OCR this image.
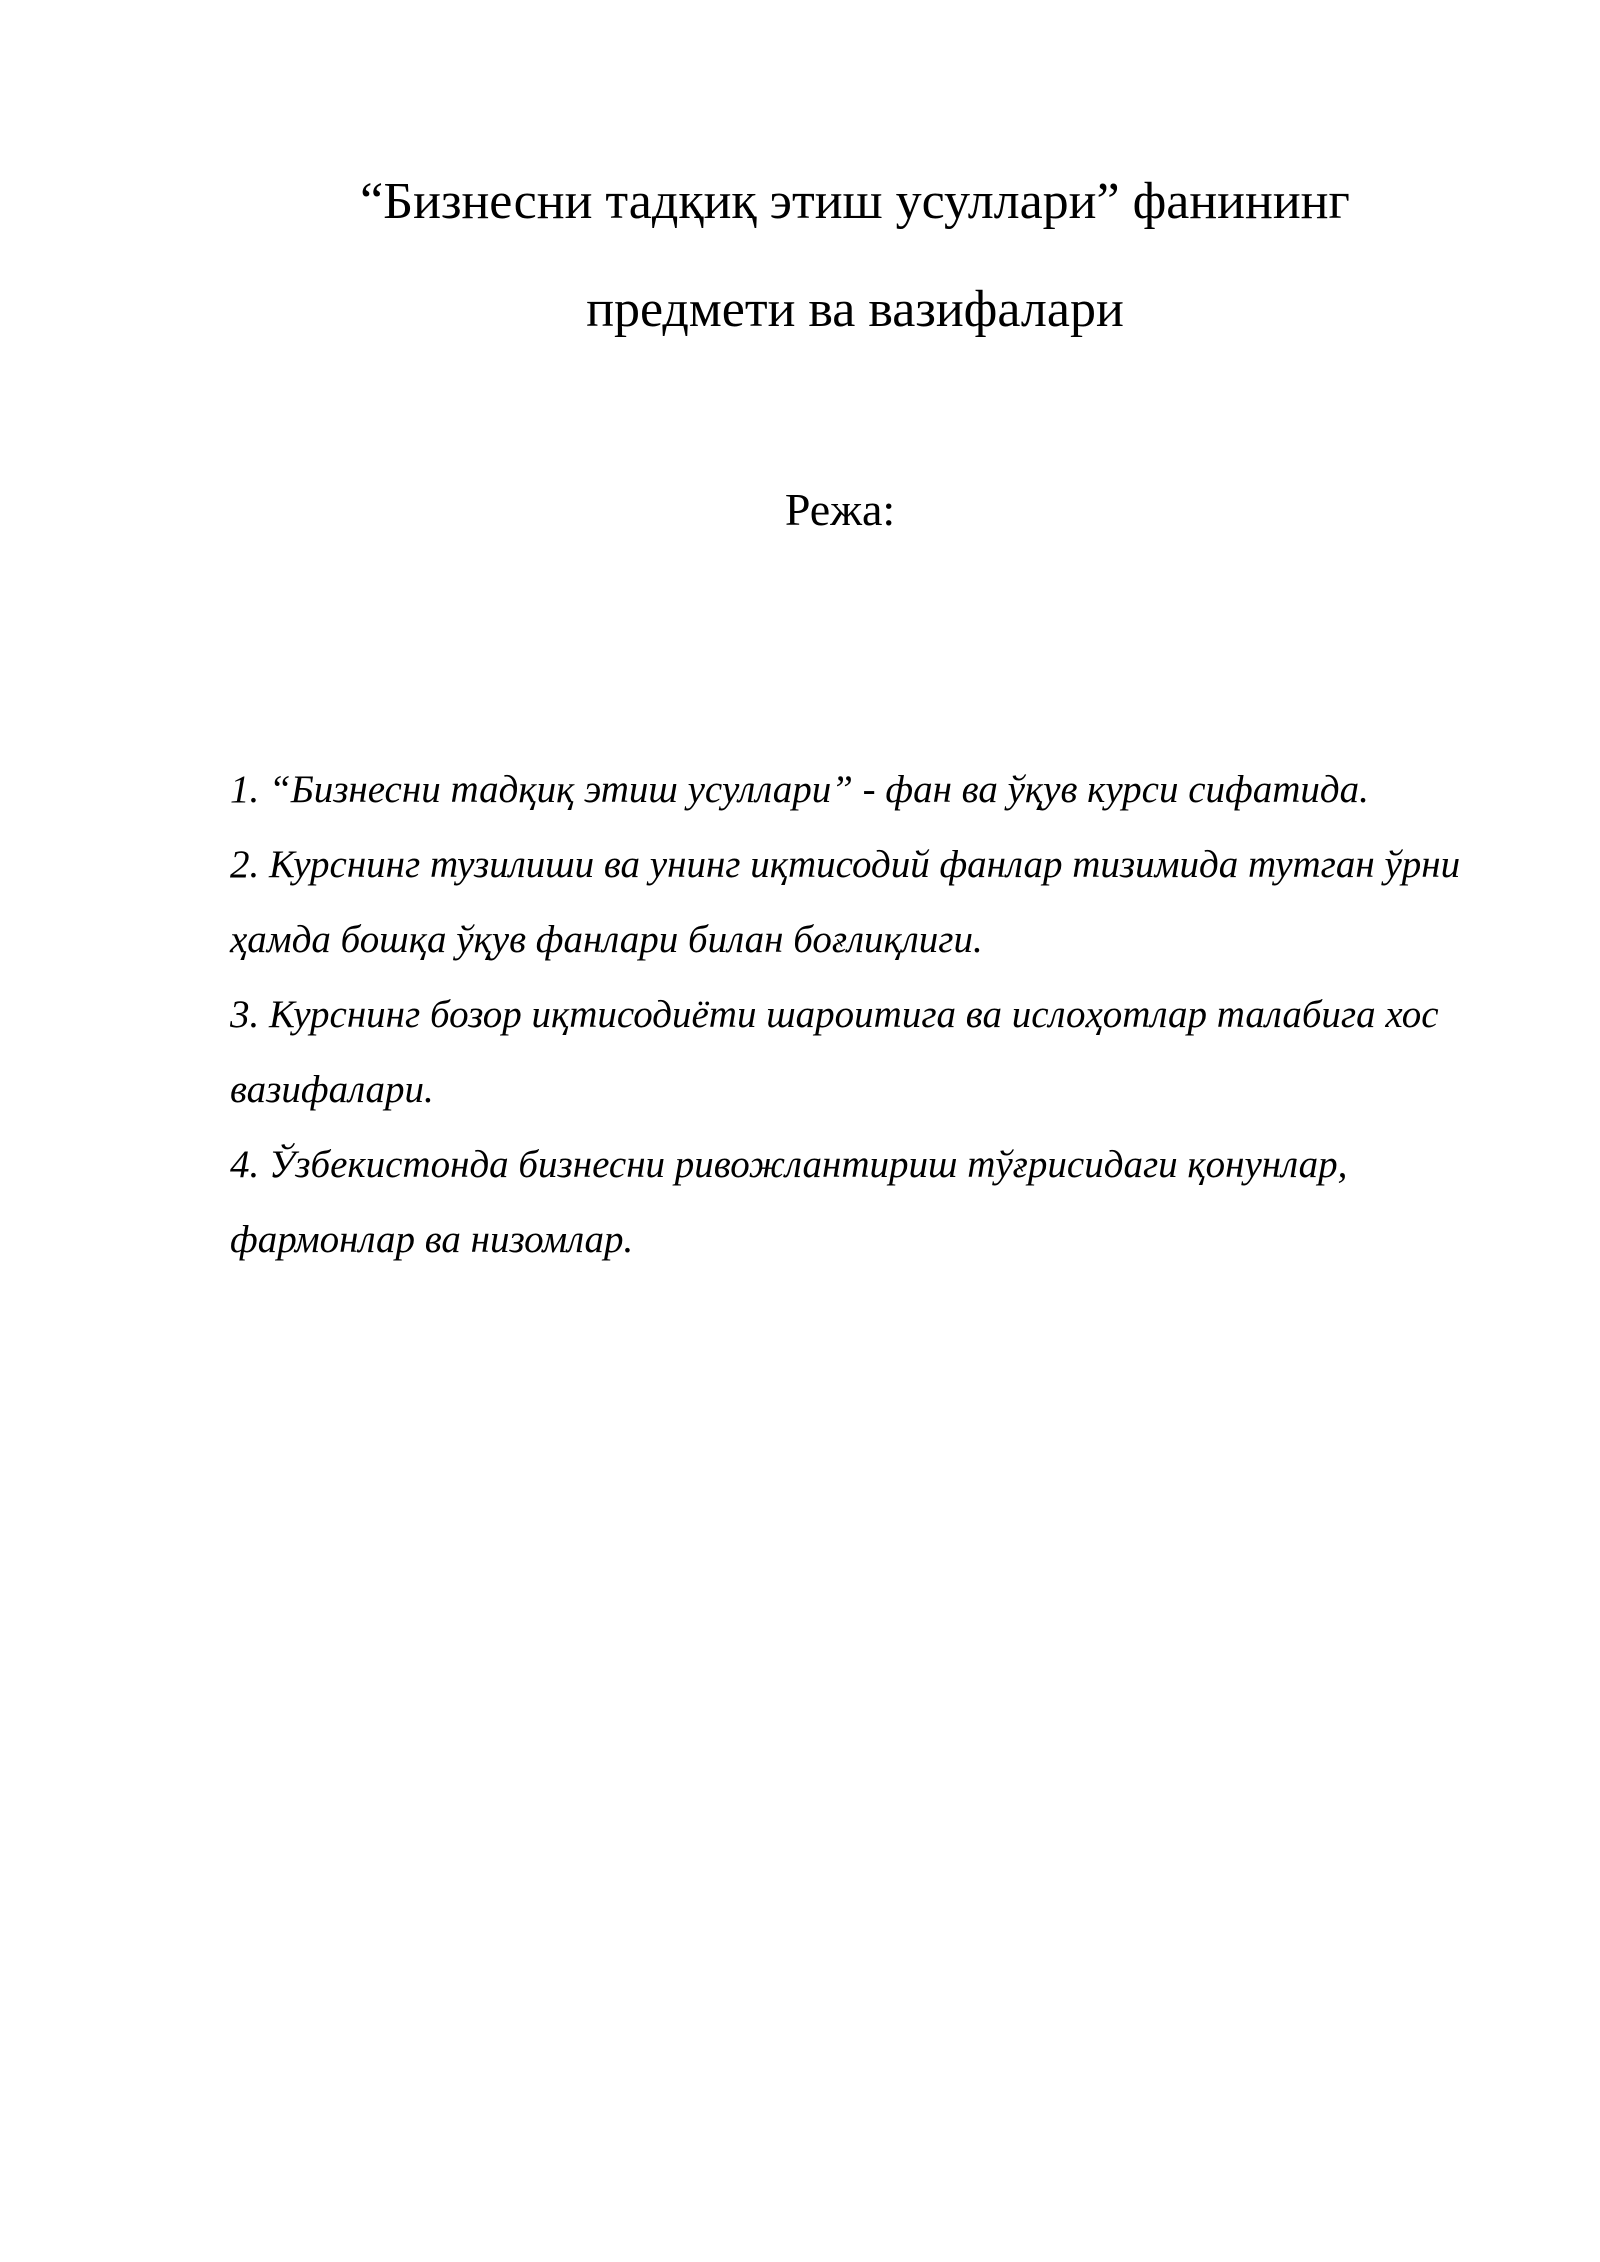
“Бизнесни тадқиқ этиш усуллари” фанининг
предмети ва вазифалари
Режа:
1. “Бизнесни тадқиқ этиш усуллари” - фан ва ўқув курси сифатида.
2. Курснинг тузилиши ва унинг иқтисодий фанлар тизимида тутган ўрни ҳамда бошқа ўқув фанлари билан боғлиқлиги.
3. Курснинг бозор иқтисодиёти шароитига ва ислоҳотлар талабига хос вазифалари.
4. Ўзбекистонда бизнесни ривожлантириш тўғрисидаги қонунлар, фармонлар ва низомлар.
